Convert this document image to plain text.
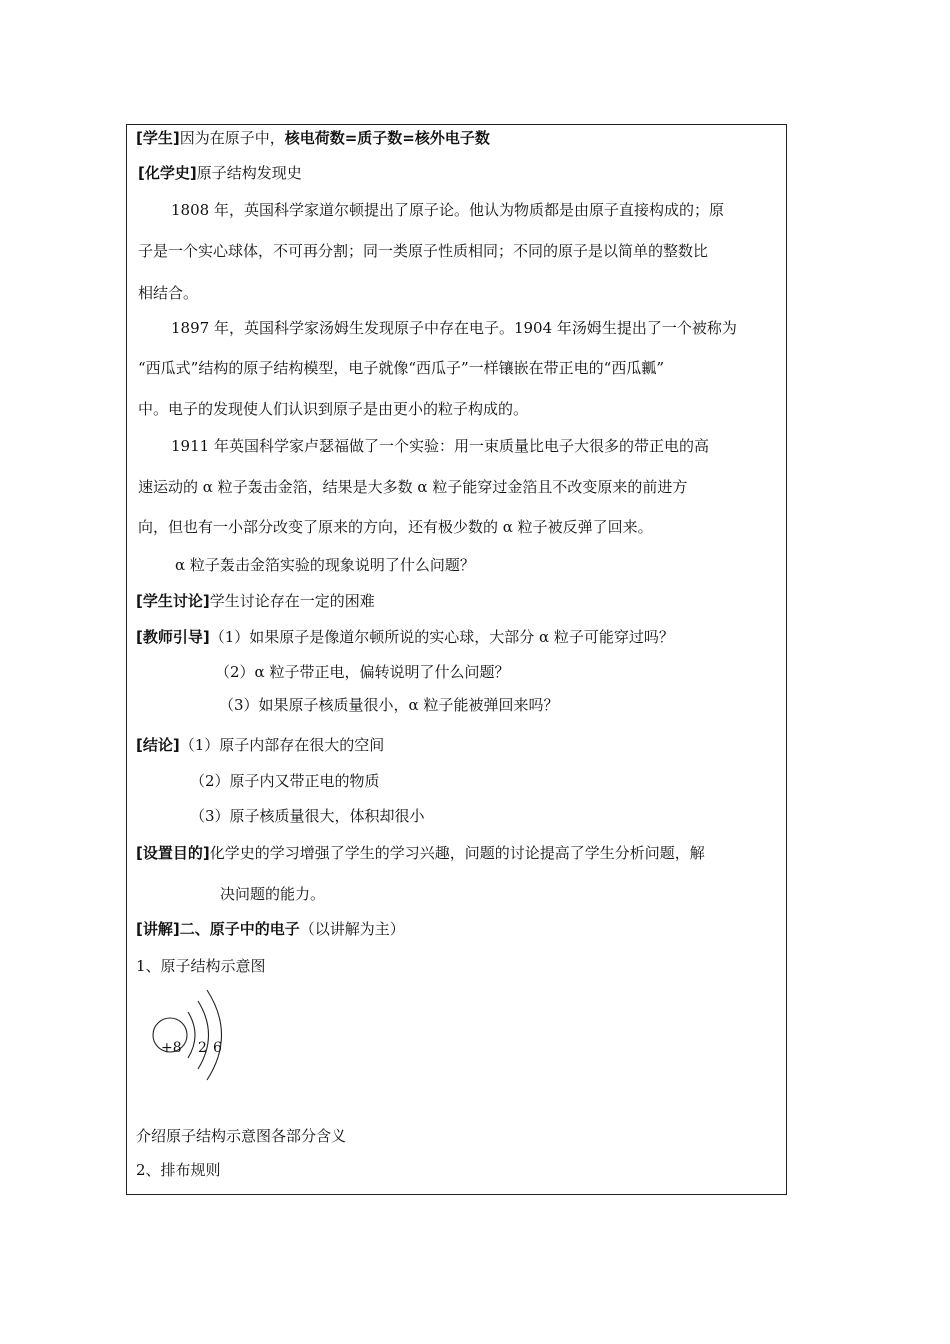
[学生]因为在原子中，核电荷数=质子数=核外电子数
[化学史]原子结构发现史
1808 年，英国科学家道尔顿提出了原子论。他认为物质都是由原子直接构成的；原
子是一个实心球体，不可再分割；同一类原子性质相同；不同的原子是以简单的整数比
相结合。
1897 年，英国科学家汤姆生发现原子中存在电子。1904 年汤姆生提出了一个被称为
“西瓜式”结构的原子结构模型，电子就像“西瓜子”一样镶嵌在带正电的“西瓜瓤”
中。电子的发现使人们认识到原子是由更小的粒子构成的。
1911 年英国科学家卢瑟福做了一个实验：用一束质量比电子大很多的带正电的高
速运动的 α 粒子轰击金箔，结果是大多数 α 粒子能穿过金箔且不改变原来的前进方
向，但也有一小部分改变了原来的方向，还有极少数的 α 粒子被反弹了回来。
α 粒子轰击金箔实验的现象说明了什么问题？
[学生讨论]学生讨论存在一定的困难
[教师引导]（1）如果原子是像道尔顿所说的实心球，大部分 α 粒子可能穿过吗？
（2）α 粒子带正电，偏转说明了什么问题？
（3）如果原子核质量很小，α 粒子能被弹回来吗？
[结论]（1）原子内部存在很大的空间
（2）原子内又带正电的物质
（3）原子核质量很大，体积却很小
[设置目的]化学史的学习增强了学生的学习兴趣，问题的讨论提高了学生分析问题，解
决问题的能力。
[讲解]二、原子中的电子（以讲解为主）
1、原子结构示意图
+8 2 6
介绍原子结构示意图各部分含义
2、排布规则
